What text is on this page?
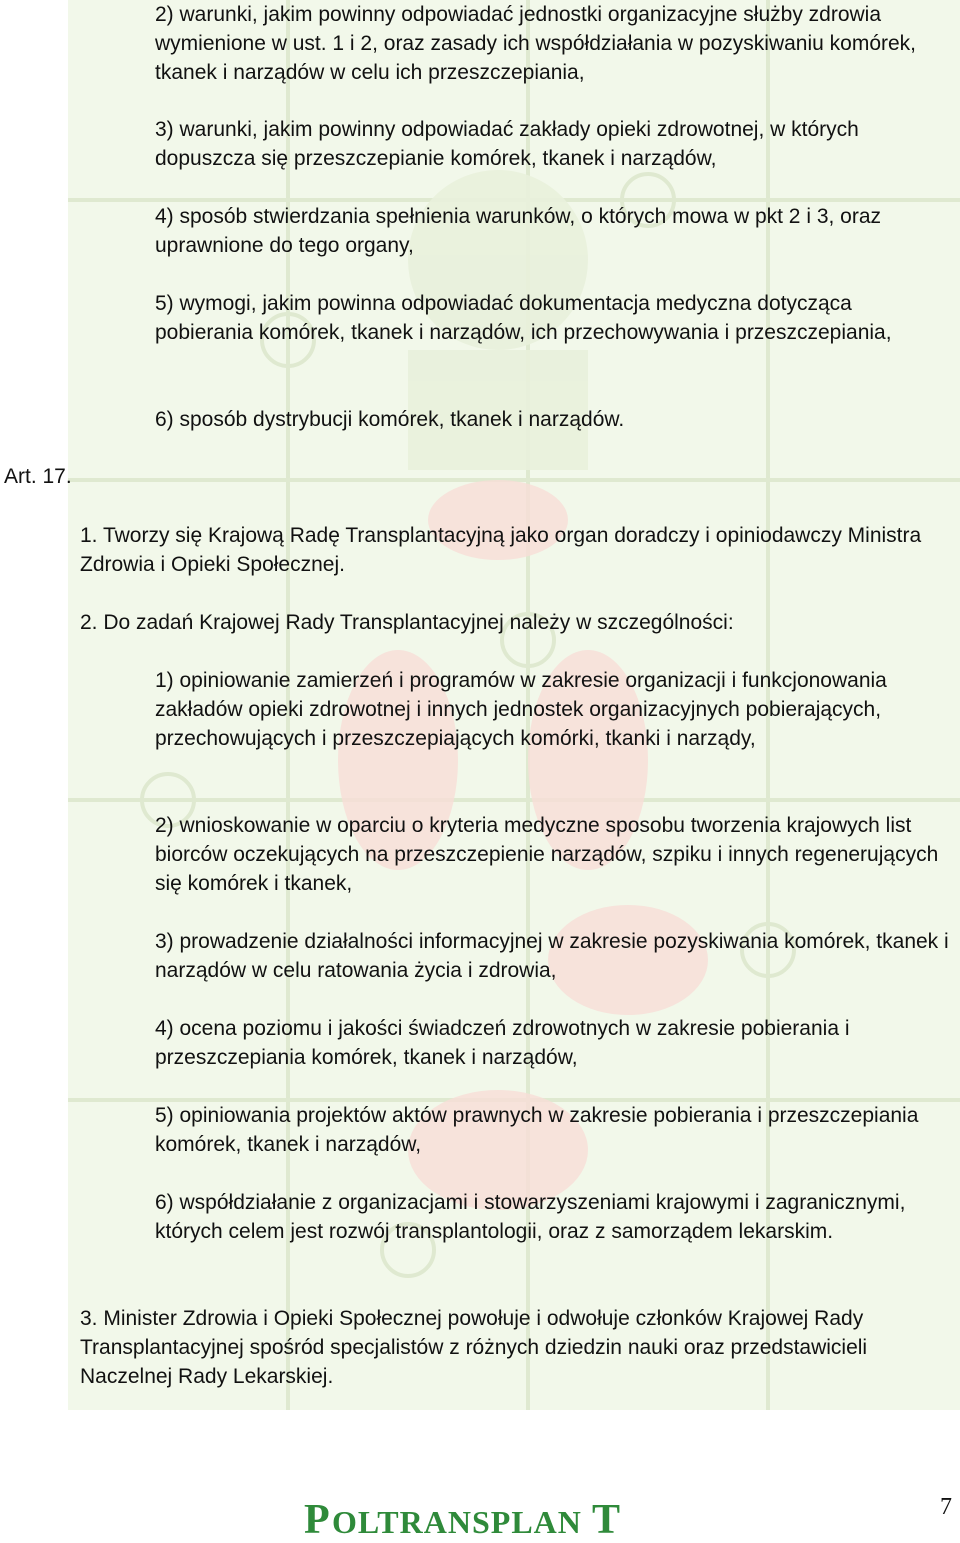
2) warunki, jakim powinny odpowiadać jednostki organizacyjne służby zdrowia wymienione w ust. 1 i 2, oraz zasady ich współdziałania w pozyskiwaniu komórek, tkanek i narządów w celu ich przeszczepiania,

3) warunki, jakim powinny odpowiadać zakłady opieki zdrowotnej, w których dopuszcza się przeszczepianie komórek, tkanek i narządów,

4) sposób stwierdzania spełnienia warunków, o których mowa w pkt 2 i 3, oraz uprawnione do tego organy,

5) wymogi, jakim powinna odpowiadać dokumentacja medyczna dotycząca pobierania komórek, tkanek i narządów, ich przechowywania i przeszczepiania,

6) sposób dystrybucji komórek, tkanek i narządów.

Art. 17.

1. Tworzy się Krajową Radę Transplantacyjną jako organ doradczy i opiniodawczy Ministra Zdrowia i Opieki Społecznej.

2. Do zadań Krajowej Rady Transplantacyjnej należy w szczególności:

1) opiniowanie zamierzeń i programów w zakresie organizacji i funkcjonowania zakładów opieki zdrowotnej i innych jednostek organizacyjnych pobierających, przechowujących i przeszczepiających komórki, tkanki i narządy,

2) wnioskowanie w oparciu o kryteria medyczne sposobu tworzenia krajowych list biorców oczekujących na przeszczepienie narządów, szpiku i innych regenerujących się komórek i tkanek,

3) prowadzenie działalności informacyjnej w zakresie pozyskiwania komórek, tkanek i narządów w celu ratowania życia i zdrowia,

4) ocena poziomu i jakości świadczeń zdrowotnych w zakresie pobierania i przeszczepiania komórek, tkanek i narządów,

5) opiniowania projektów aktów prawnych w zakresie pobierania i przeszczepiania komórek, tkanek i narządów,

6) współdziałanie z organizacjami i stowarzyszeniami krajowymi i zagranicznymi, których celem jest rozwój transplantologii, oraz z samorządem lekarskim.

3. Minister Zdrowia i Opieki Społecznej powołuje i odwołuje członków Krajowej Rady Transplantacyjnej spośród specjalistów z różnych dziedzin nauki oraz przedstawicieli Naczelnej Rady Lekarskiej.

P OLTRANSPLAN T	7
